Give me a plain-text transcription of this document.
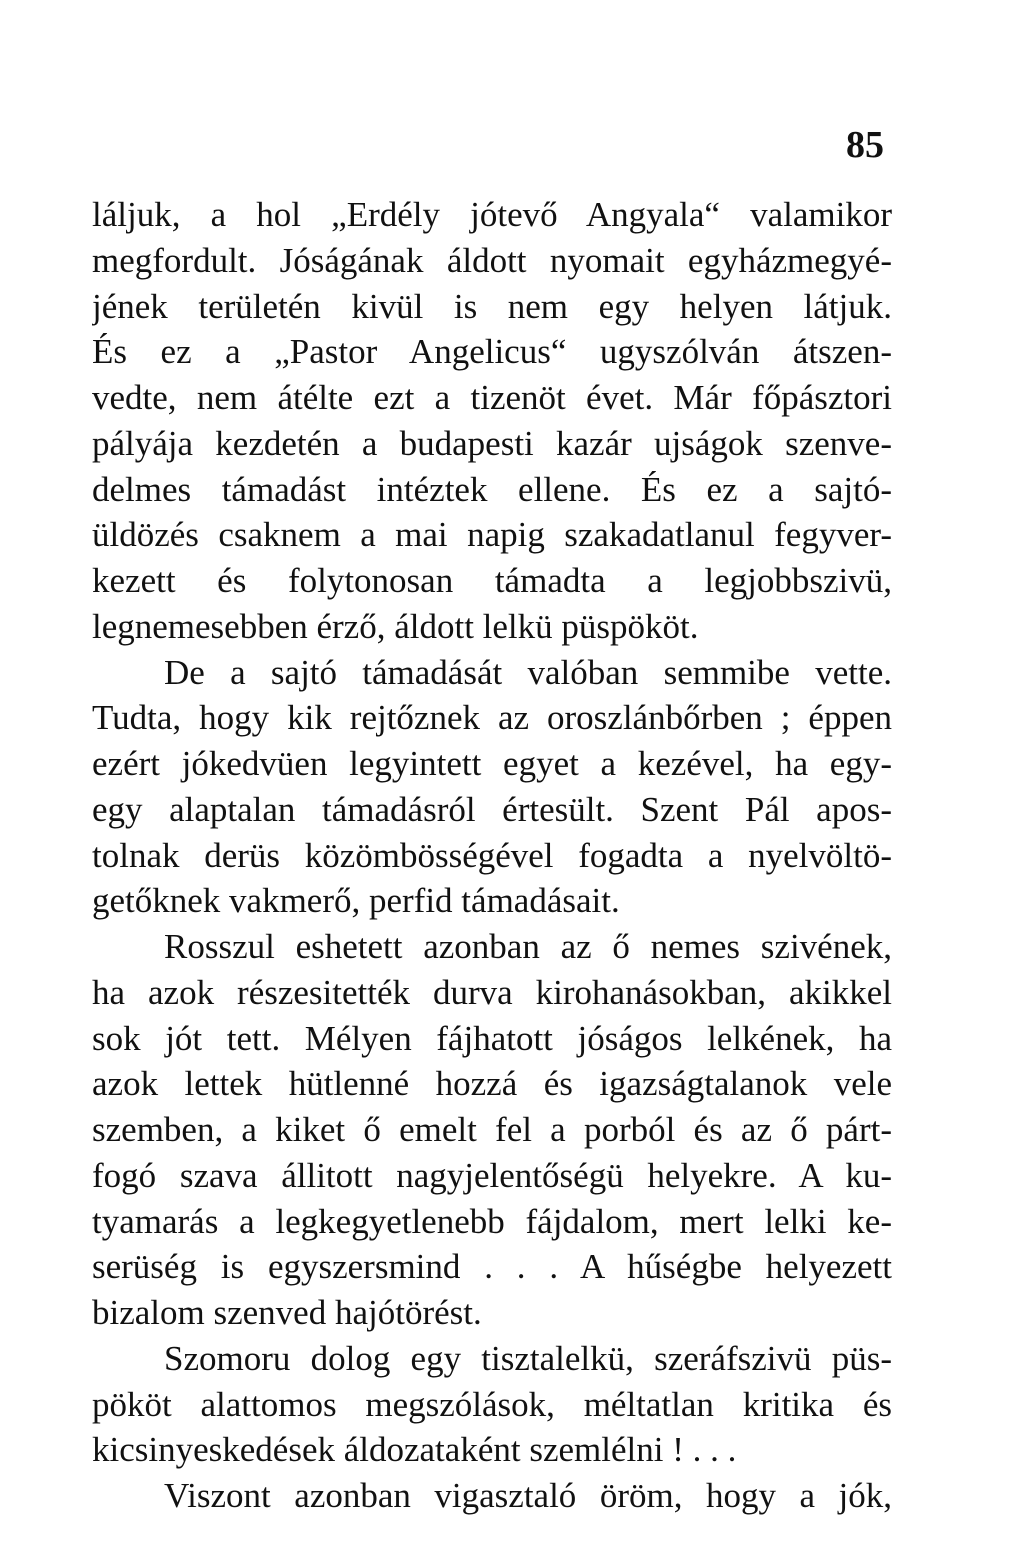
85
láljuk, a hol „Erdély jótevő Angyala“ valamikor
megfordult. Jóságának áldott nyomait egyházmegyé-
jének területén kivül is nem egy helyen látjuk.
És ez a „Pastor Angelicus“ ugyszólván átszen-
vedte, nem átélte ezt a tizenöt évet. Már főpásztori
pályája kezdetén a budapesti kazár ujságok szenve-
delmes támadást intéztek ellene. És ez a sajtó-
üldözés csaknem a mai napig szakadatlanul fegyver-
kezett és folytonosan támadta a legjobbszivü,
legnemesebben érző, áldott lelkü püspököt.
De a sajtó támadását valóban semmibe vette.
Tudta, hogy kik rejtőznek az oroszlánbőrben ; éppen
ezért jókedvüen legyintett egyet a kezével, ha egy-
egy alaptalan támadásról értesült. Szent Pál apos-
tolnak derüs közömbösségével fogadta a nyelvöltö-
getőknek vakmerő, perfid támadásait.
Rosszul eshetett azonban az ő nemes szivének,
ha azok részesitették durva kirohanásokban, akikkel
sok jót tett. Mélyen fájhatott jóságos lelkének, ha
azok lettek hütlenné hozzá és igazságtalanok vele
szemben, a kiket ő emelt fel a porból és az ő párt-
fogó szava állitott nagyjelentőségü helyekre. A ku-
tyamarás a legkegyetlenebb fájdalom, mert lelki ke-
serüség is egyszersmind . . . A hűségbe helyezett
bizalom szenved hajótörést.
Szomoru dolog egy tisztalelkü, szeráfszivü püs-
pököt alattomos megszólások, méltatlan kritika és
kicsinyeskedések áldozataként szemlélni ! . . .
Viszont azonban vigasztaló öröm, hogy a jók,
